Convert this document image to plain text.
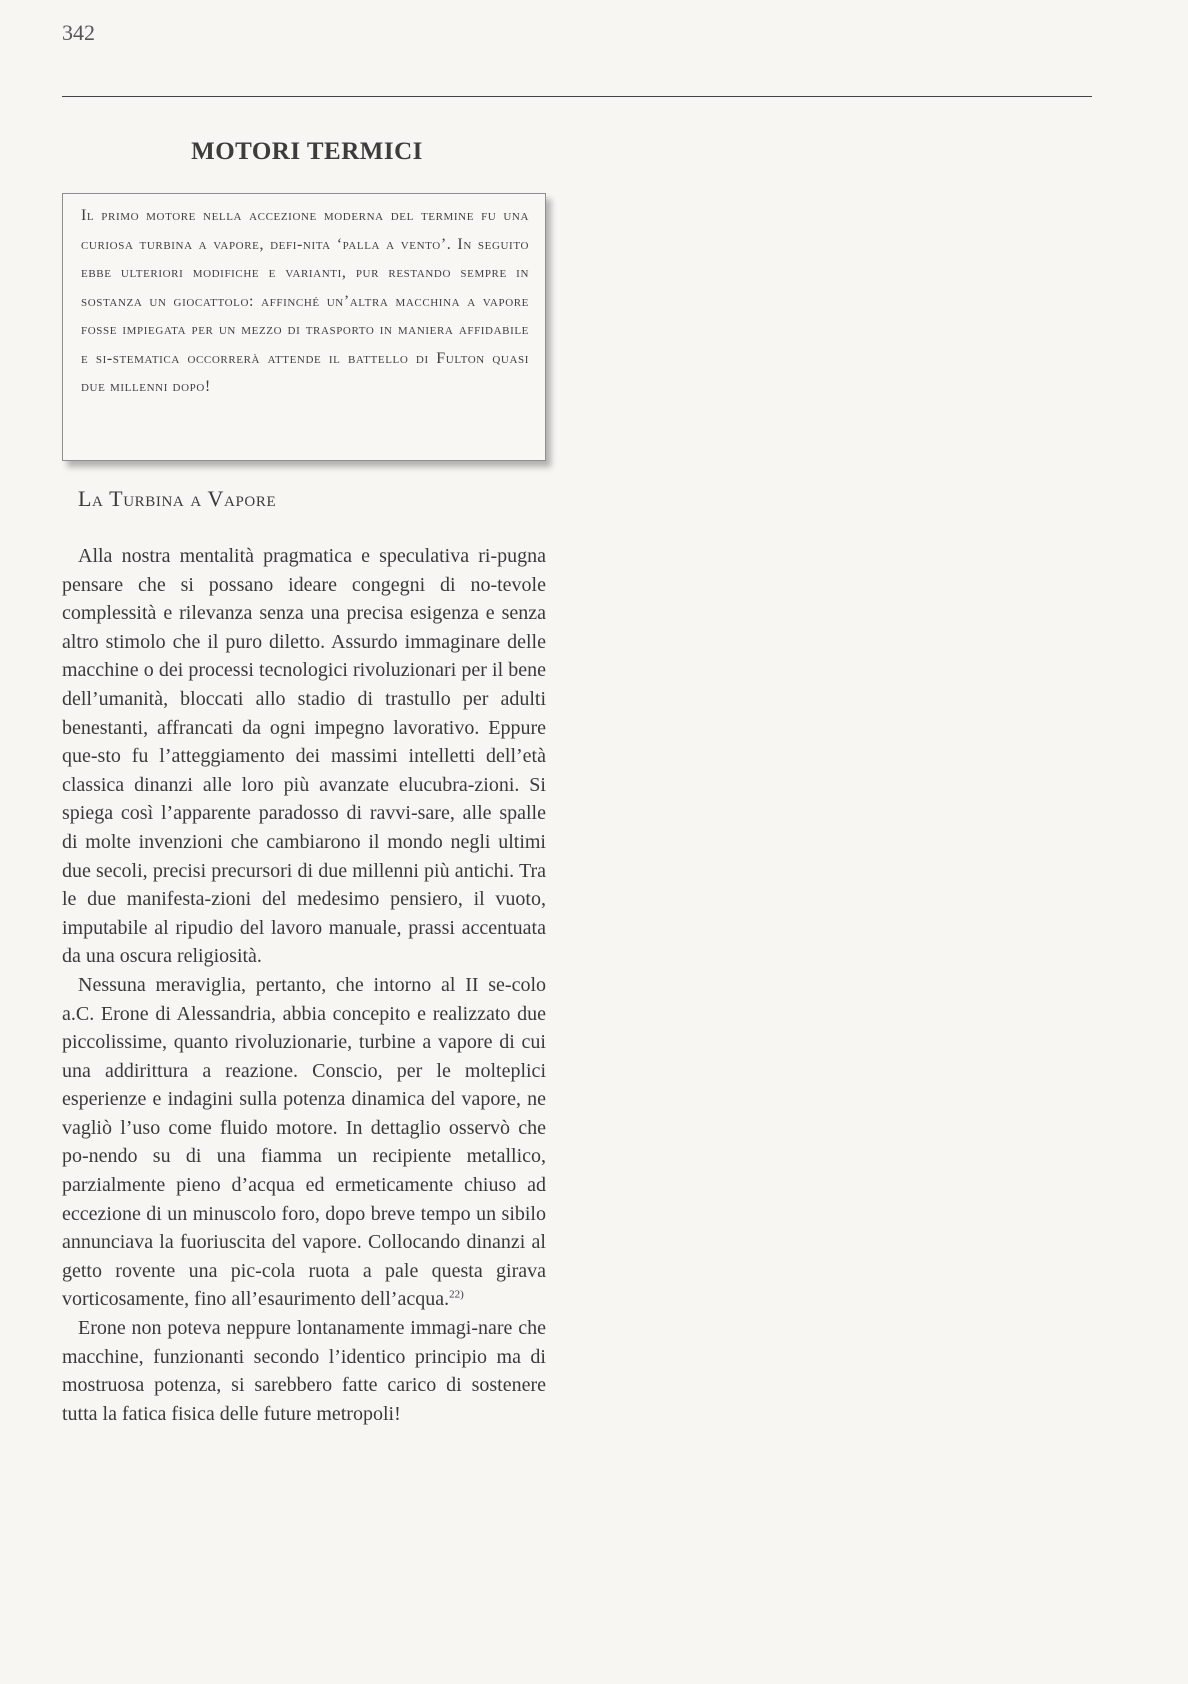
342
MOTORI TERMICI

Il primo motore nella accezione moderna del termine fu una curiosa turbina a vapore, defi-nita ‘palla a vento’. In seguito ebbe ulteriori modifiche e varianti, pur restando sempre in sostanza un giocattolo: affinché un’altra macchina a vapore fosse impiegata per un mezzo di trasporto in maniera affidabile e si-stematica occorrerà attende il battello di Fulton quasi due millenni dopo!

La Turbina a Vapore

Alla nostra mentalità pragmatica e speculativa ri-pugna pensare che si possano ideare congegni di no-tevole complessità e rilevanza senza una precisa esigenza e senza altro stimolo che il puro diletto. Assurdo immaginare delle macchine o dei processi tecnologici rivoluzionari per il bene dell’umanità, bloccati allo stadio di trastullo per adulti benestanti, affrancati da ogni impegno lavorativo. Eppure que-sto fu l’atteggiamento dei massimi intelletti dell’età classica dinanzi alle loro più avanzate elucubra-zioni. Si spiega così l’apparente paradosso di ravvi-sare, alle spalle di molte invenzioni che cambiarono il mondo negli ultimi due secoli, precisi precursori di due millenni più antichi. Tra le due manifesta-zioni del medesimo pensiero, il vuoto, imputabile al ripudio del lavoro manuale, prassi accentuata da una oscura religiosità.

Nessuna meraviglia, pertanto, che intorno al II se-colo a.C. Erone di Alessandria, abbia concepito e realizzato due piccolissime, quanto rivoluzionarie, turbine a vapore di cui una addirittura a reazione. Conscio, per le molteplici esperienze e indagini sulla potenza dinamica del vapore, ne vagliò l’uso come fluido motore. In dettaglio osservò che po-nendo su di una fiamma un recipiente metallico, parzialmente pieno d’acqua ed ermeticamente chiuso ad eccezione di un minuscolo foro, dopo breve tempo un sibilo annunciava la fuoriuscita del vapore. Collocando dinanzi al getto rovente una pic-cola ruota a pale questa girava vorticosamente, fino all’esaurimento dell’acqua.$^{22)}$

Erone non poteva neppure lontanamente immagi-nare che macchine, funzionanti secondo l’identico principio ma di mostruosa potenza, si sarebbero fatte carico di sostenere tutta la fatica fisica delle future metropoli!
